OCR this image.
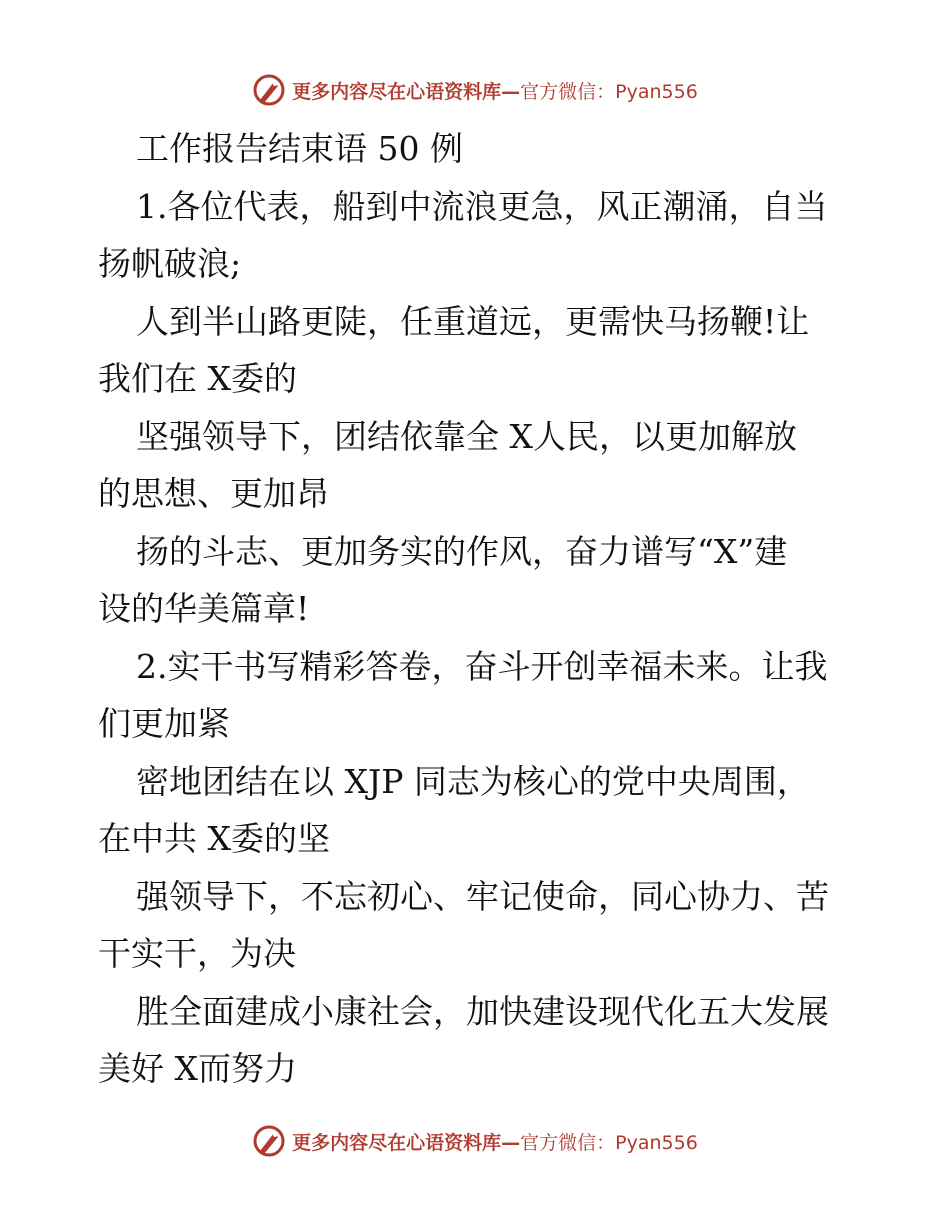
更多内容尽在心语资料库— 官方微信：Pyan556
工作报告结束语 50 例
1.各位代表，船到中流浪更急，风正潮涌，自当
扬帆破浪;
人到半山路更陡，任重道远，更需快马扬鞭!让
我们在 X委的
坚强领导下，团结依靠全 X人民，以更加解放
的思想、更加昂
扬的斗志、更加务实的作风，奋力谱写“X”建
设的华美篇章!
2.实干书写精彩答卷，奋斗开创幸福未来。让我
们更加紧
密地团结在以 XJP 同志为核心的党中央周围，
在中共 X委的坚
强领导下，不忘初心、牢记使命，同心协力、苦
干实干，为决
胜全面建成小康社会，加快建设现代化五大发展
美好 X而努力
更多内容尽在心语资料库— 官方微信：Pyan556
